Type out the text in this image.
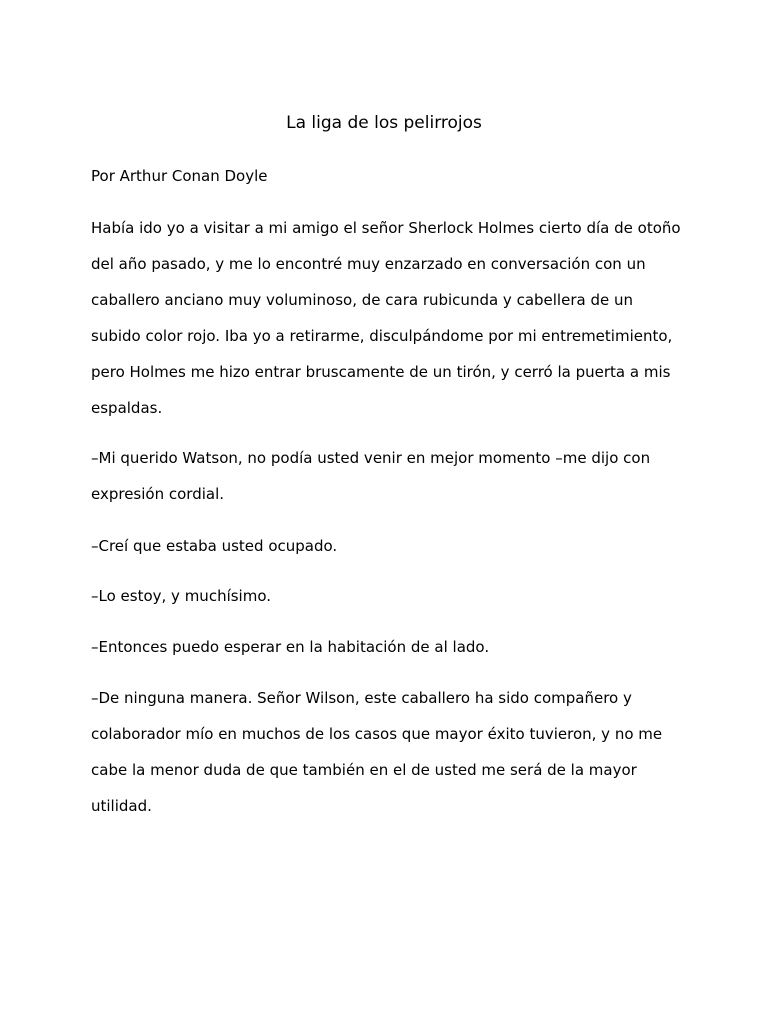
La liga de los pelirrojos

Por Arthur Conan Doyle

Había ido yo a visitar a mi amigo el señor Sherlock Holmes cierto día de otoño del año pasado, y me lo encontré muy enzarzado en conversación con un caballero anciano muy voluminoso, de cara rubicunda y cabellera de un subido color rojo. Iba yo a retirarme, disculpándome por mi entremetimiento, pero Holmes me hizo entrar bruscamente de un tirón, y cerró la puerta a mis espaldas.

–Mi querido Watson, no podía usted venir en mejor momento –me dijo con expresión cordial.

–Creí que estaba usted ocupado.

–Lo estoy, y muchísimo.

–Entonces puedo esperar en la habitación de al lado.

–De ninguna manera. Señor Wilson, este caballero ha sido compañero y colaborador mío en muchos de los casos que mayor éxito tuvieron, y no me cabe la menor duda de que también en el de usted me será de la mayor utilidad.
